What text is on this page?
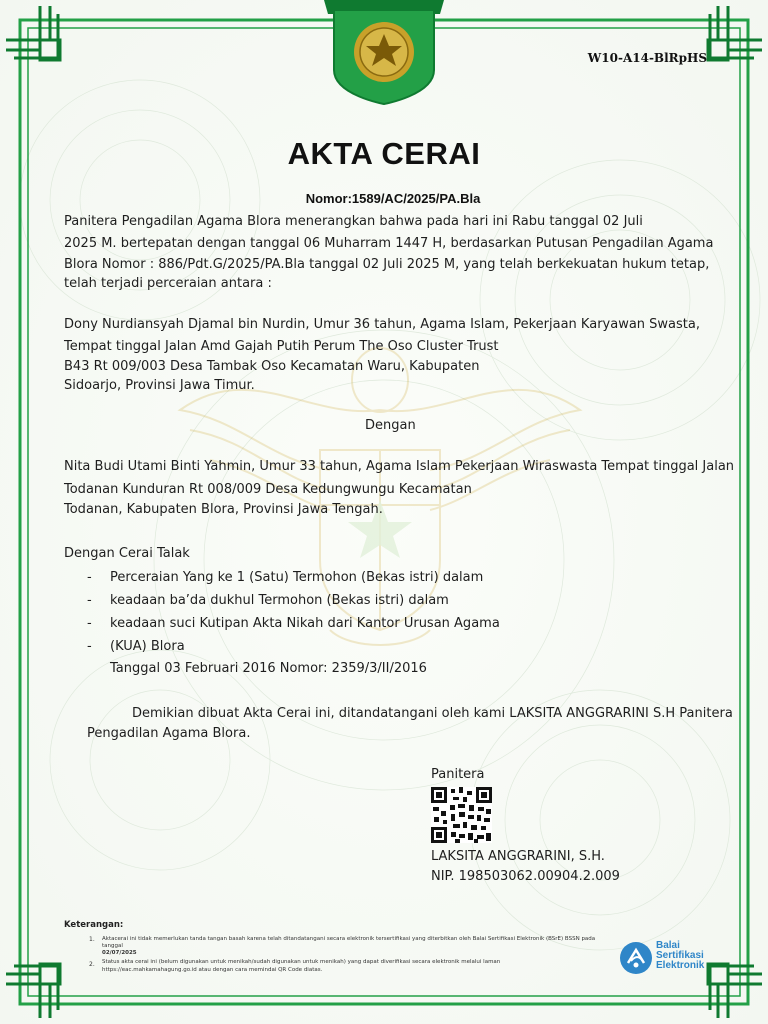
W10-A14-BlRpHS
AKTA CERAI
Nomor:1589/AC/2025/PA.Bla
Panitera Pengadilan Agama Blora menerangkan bahwa pada hari ini Rabu tanggal 02 Juli
2025 M. bertepatan dengan tanggal 06 Muharram 1447 H, berdasarkan Putusan Pengadilan Agama
Blora Nomor : 886/Pdt.G/2025/PA.Bla tanggal 02 Juli 2025 M, yang telah berkekuatan hukum tetap,
telah terjadi perceraian antara :
Dony Nurdiansyah Djamal bin Nurdin, Umur 36 tahun, Agama Islam, Pekerjaan Karyawan Swasta,
Tempat tinggal Jalan Amd Gajah Putih Perum The Oso Cluster Trust
B43 Rt 009/003 Desa Tambak Oso Kecamatan Waru, Kabupaten
Sidoarjo, Provinsi Jawa Timur.
Dengan
Nita Budi Utami Binti Yahmin, Umur 33 tahun, Agama Islam Pekerjaan Wiraswasta Tempat tinggal Jalan
Todanan Kunduran Rt 008/009 Desa Kedungwungu Kecamatan
Todanan, Kabupaten Blora, Provinsi Jawa Tengah.
Dengan Cerai Talak
- Perceraian Yang ke 1 (Satu) Termohon (Bekas istri) dalam
- keadaan ba’da dukhul Termohon (Bekas istri) dalam
- keadaan suci Kutipan Akta Nikah dari Kantor Urusan Agama
- (KUA) Blora
Tanggal 03 Februari 2016 Nomor: 2359/3/II/2016
Demikian dibuat Akta Cerai ini, ditandatangani oleh kami LAKSITA ANGGRARINI S.H Panitera
Pengadilan Agama Blora.
Panitera
LAKSITA ANGGRARINI, S.H.
NIP. 198503062.00904.2.009
Keterangan:
1. Aktacerai ini tidak memerlukan tanda tangan basah karena telah ditandatangani secara elektronik tersertifikasi yang diterbitkan oleh Balai Sertifikasi Elektronik (BSrE) BSSN pada
tanggal
02/07/2025
2. Status akta cerai ini (belum digunakan untuk menikah/sudah digunakan untuk menikah) yang dapat diverifikasi secara elektronik melalui laman
https://eac.mahkamahagung.go.id atau dengan cara memindai QR Code diatas.
Balai
Sertifikasi
Elektronik
